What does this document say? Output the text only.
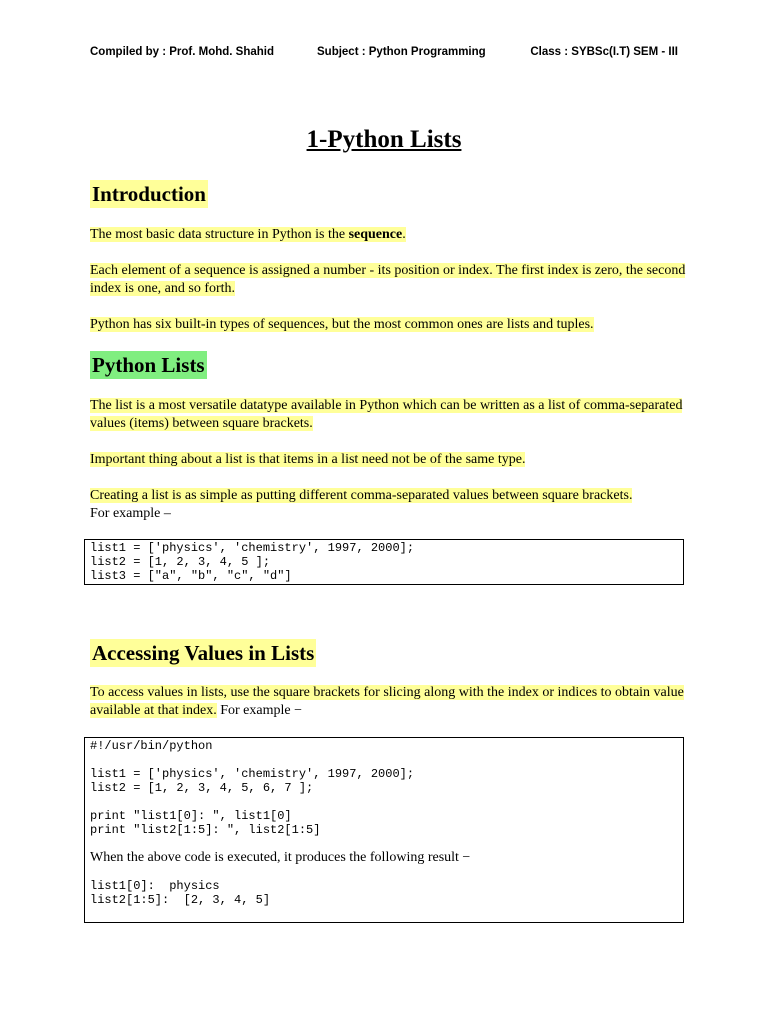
Compiled by : Prof. Mohd. Shahid	Subject : Python Programming	Class : SYBSc(I.T) SEM - III
1-Python Lists
Introduction

The most basic data structure in Python is the sequence.

Each element of a sequence is assigned a number - its position or index. The first index is zero, the second index is one, and so forth.

Python has six built-in types of sequences, but the most common ones are lists and tuples.

Python Lists

The list is a most versatile datatype available in Python which can be written as a list of comma-separated values (items) between square brackets.

Important thing about a list is that items in a list need not be of the same type.

Creating a list is as simple as putting different comma-separated values between square brackets.
For example –

list1 = ['physics', 'chemistry', 1997, 2000];
list2 = [1, 2, 3, 4, 5 ];
list3 = ["a", "b", "c", "d"]
Accessing Values in Lists

To access values in lists, use the square brackets for slicing along with the index or indices to obtain value available at that index. For example −

#!/usr/bin/python

list1 = ['physics', 'chemistry', 1997, 2000];
list2 = [1, 2, 3, 4, 5, 6, 7 ];

print "list1[0]: ", list1[0]
print "list2[1:5]: ", list2[1:5]

When the above code is executed, it produces the following result −

list1[0]:  physics
list2[1:5]:  [2, 3, 4, 5]
